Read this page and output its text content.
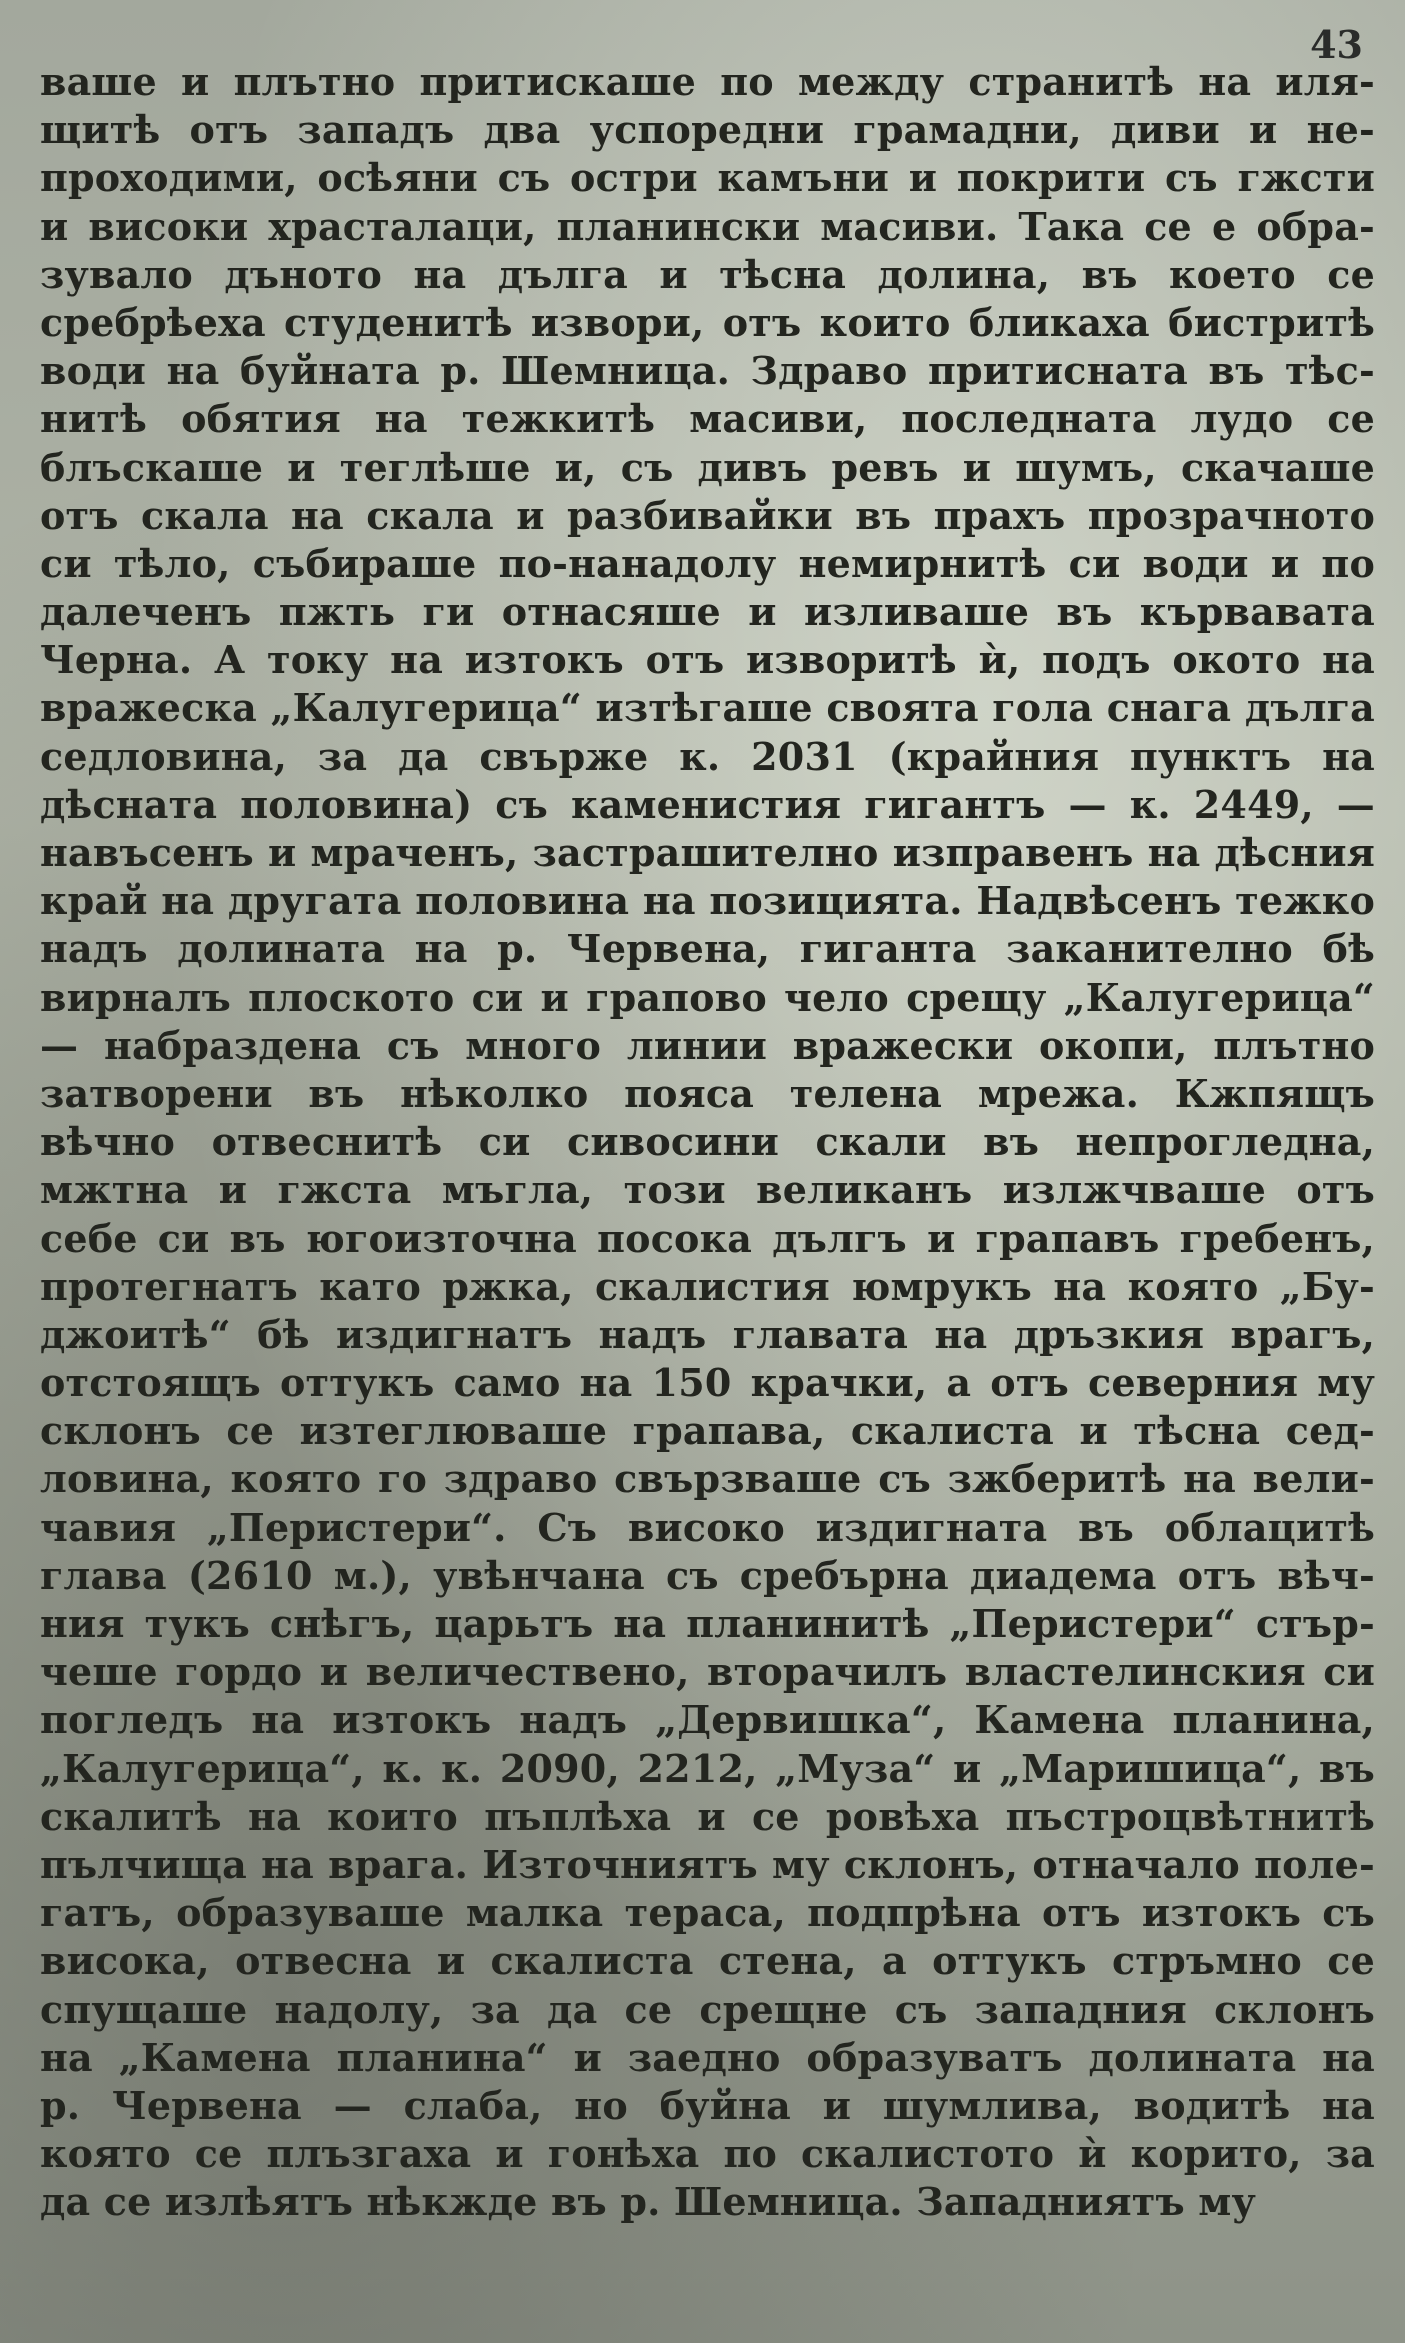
43

ваше и плътно притискаше по между странитѣ на иля-
щитѣ отъ западъ два успоредни грамадни, диви и не-
проходими, осѣяни съ остри камъни и покрити съ гжсти
и високи храсталаци, планински масиви. Така се е обра-
зувало дъното на дълга и тѣсна долина, въ което се
сребрѣеха студенитѣ извори, отъ които бликаха бистритѣ
води на буйната р. Шемница. Здраво притисната въ тѣс-
нитѣ обятия на тежкитѣ масиви, последната лудо се
блъскаше и теглѣше и, съ дивъ ревъ и шумъ, скачаше
отъ скала на скала и разбивайки въ прахъ прозрачното
си тѣло, събираше по-нанадолу немирнитѣ си води и по
далеченъ пжть ги отнасяше и изливаше въ кървавата
Черна. А току на изтокъ отъ изворитѣ ѝ, подъ окото на
вражеска „Калугерица“ изтѣгаше своята гола снага дълга
седловина, за да свърже к. 2031 (крайния пунктъ на
дѣсната половина) съ каменистия гигантъ — к. 2449, —
навъсенъ и мраченъ, застрашително изправенъ на дѣсния
край на другата половина на позицията. Надвѣсенъ тежко
надъ долината на р. Червена, гиганта заканително бѣ
вирналъ плоското си и грапово чело срещу „Калугерица“
— набраздена съ много линии вражески окопи, плътно
затворени въ нѣколко пояса телена мрежа. Кжпящъ
вѣчно отвеснитѣ си сивосини скали въ непрогледна,
мжтна и гжста мъгла, този великанъ излжчваше отъ
себе си въ югоизточна посока дългъ и грапавъ гребенъ,
протегнатъ като ржка, скалистия юмрукъ на която „Бу-
джоитѣ“ бѣ издигнатъ надъ главата на дръзкия врагъ,
отстоящъ оттукъ само на 150 крачки, а отъ северния му
склонъ се изтеглюваше грапава, скалиста и тѣсна сед-
ловина, която го здраво свързваше съ зжберитѣ на вели-
чавия „Перистери“. Съ високо издигната въ облацитѣ
глава (2610 м.), увѣнчана съ сребърна диадема отъ вѣч-
ния тукъ снѣгъ, царьтъ на планинитѣ „Перистери“ стър-
чеше гордо и величествено, вторачилъ властелинския си
погледъ на изтокъ надъ „Дервишка“, Камена планина,
„Калугерица“, к. к. 2090, 2212, „Муза“ и „Маришица“, въ
скалитѣ на които пъплѣха и се ровѣха пъстроцвѣтнитѣ
пълчища на врага. Източниятъ му склонъ, отначало поле-
гатъ, образуваше малка тераса, подпрѣна отъ изтокъ съ
висока, отвесна и скалиста стена, а оттукъ стръмно се
спущаше надолу, за да се срещне съ западния склонъ
на „Камена планина“ и заедно образуватъ долината на
р. Червена — слаба, но буйна и шумлива, водитѣ на
която се плъзгаха и гонѣха по скалистото ѝ корито, за
да се излѣятъ нѣкжде въ р. Шемница. Западниятъ му
